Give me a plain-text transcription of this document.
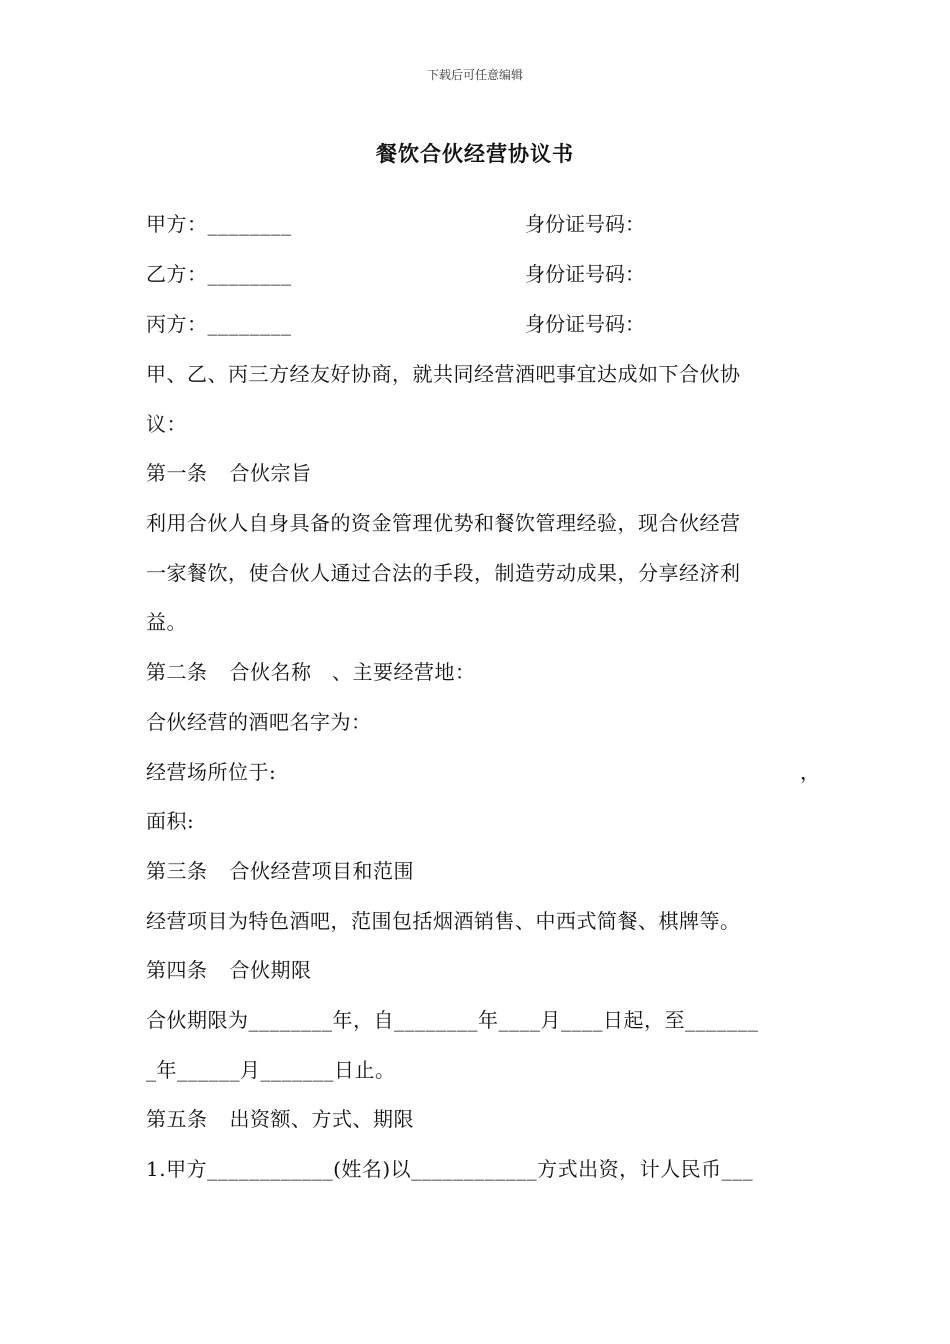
下载后可任意编辑
餐饮合伙经营协议书
甲方：________	身份证号码：
乙方：________	身份证号码：
丙方：________	身份证号码：
甲、乙、丙三方经友好协商，就共同经营酒吧事宜达成如下合伙协
议：
第一条 合伙宗旨
利用合伙人自身具备的资金管理优势和餐饮管理经验，现合伙经营
一家餐饮，使合伙人通过合法的手段，制造劳动成果，分享经济利
益。
第二条 合伙名称　、主要经营地：
合伙经营的酒吧名字为：
经营场所位于:	，
面积:
第三条 合伙经营项目和范围
经营项目为特色酒吧，范围包括烟酒销售、中西式简餐、棋牌等。
第四条 合伙期限
合伙期限为________年，自________年____月____日起，至_______
_年______月_______日止。
第五条 出资额、方式、期限
1.甲方____________(姓名)以____________方式出资，计人民币___
